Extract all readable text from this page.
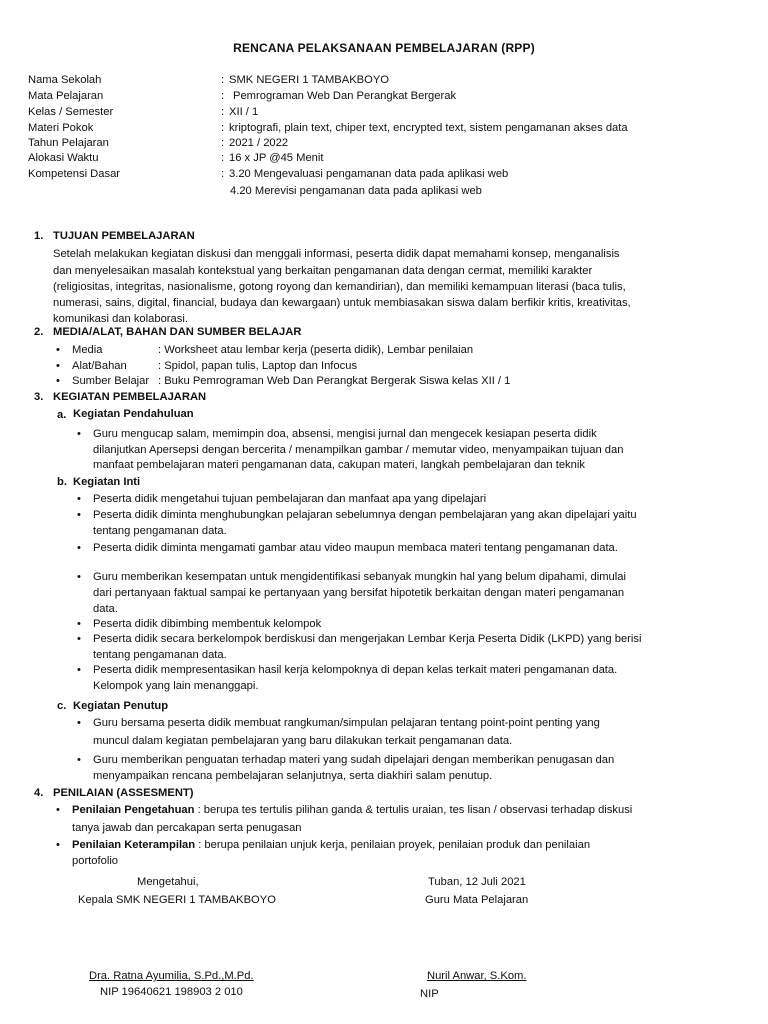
RENCANA PELAKSANAAN PEMBELAJARAN (RPP)
Nama Sekolah	: SMK NEGERI 1 TAMBAKBOYO
Mata Pelajaran	: Pemrograman Web Dan Perangkat Bergerak
Kelas / Semester	: XII / 1
Materi Pokok	: kriptografi, plain text, chiper text, encrypted text, sistem pengamanan akses data
Tahun Pelajaran	: 2021 / 2022
Alokasi Waktu	: 16 x JP @45 Menit
Kompetensi Dasar	: 3.20 Mengevaluasi pengamanan data pada aplikasi web
4.20 Merevisi pengamanan data pada aplikasi web
1. TUJUAN PEMBELAJARAN
Setelah melakukan kegiatan diskusi dan menggali informasi, peserta didik dapat memahami konsep, menganalisis
dan menyelesaikan masalah kontekstual yang berkaitan pengamanan data dengan cermat, memiliki karakter
(religiositas, integritas, nasionalisme, gotong royong dan kemandirian), dan memiliki kemampuan literasi (baca tulis,
numerasi, sains, digital, financial, budaya dan kewargaan) untuk membiasakan siswa dalam berfikir kritis, kreativitas,
komunikasi dan kolaborasi.
2. MEDIA/ALAT, BAHAN DAN SUMBER BELAJAR
• Media	: Worksheet atau lembar kerja (peserta didik), Lembar penilaian
• Alat/Bahan	: Spidol, papan tulis, Laptop dan Infocus
• Sumber Belajar : Buku Pemrograman Web Dan Perangkat Bergerak Siswa kelas XII / 1
3. KEGIATAN PEMBELAJARAN
a. Kegiatan Pendahuluan
• Guru mengucap salam, memimpin doa, absensi, mengisi jurnal dan mengecek kesiapan peserta didik
dilanjutkan Apersepsi dengan bercerita / menampilkan gambar / memutar video, menyampaikan tujuan dan
manfaat pembelajaran materi pengamanan data, cakupan materi, langkah pembelajaran dan teknik
b. Kegiatan Inti
• Peserta didik mengetahui tujuan pembelajaran dan manfaat apa yang dipelajari
• Peserta didik diminta menghubungkan pelajaran sebelumnya dengan pembelajaran yang akan dipelajari yaitu
tentang pengamanan data.
• Peserta didik diminta mengamati gambar atau video maupun membaca materi tentang pengamanan data.
• Guru memberikan kesempatan untuk mengidentifikasi sebanyak mungkin hal yang belum dipahami, dimulai
dari pertanyaan faktual sampai ke pertanyaan yang bersifat hipotetik berkaitan dengan materi pengamanan
data.
• Peserta didik dibimbing membentuk kelompok
• Peserta didik secara berkelompok berdiskusi dan mengerjakan Lembar Kerja Peserta Didik (LKPD) yang berisi
tentang pengamanan data.
• Peserta didik mempresentasikan hasil kerja kelompoknya di depan kelas terkait materi pengamanan data.
Kelompok yang lain menanggapi.
c. Kegiatan Penutup
• Guru bersama peserta didik membuat rangkuman/simpulan pelajaran tentang point-point penting yang
muncul dalam kegiatan pembelajaran yang baru dilakukan terkait pengamanan data.
• Guru memberikan penguatan terhadap materi yang sudah dipelajari dengan memberikan penugasan dan
menyampaikan rencana pembelajaran selanjutnya, serta diakhiri salam penutup.
4. PENILAIAN (ASSESMENT)
• Penilaian Pengetahuan : berupa tes tertulis pilihan ganda & tertulis uraian, tes lisan / observasi terhadap diskusi
tanya jawab dan percakapan serta penugasan
• Penilaian Keterampilan : berupa penilaian unjuk kerja, penilaian proyek, penilaian produk dan penilaian
portofolio
Mengetahui,
Kepala SMK NEGERI 1 TAMBAKBOYO
Dra. Ratna Ayumilia, S.Pd.,M.Pd.
NIP 19640621 198903 2 010
Tuban, 12 Juli 2021
Guru Mata Pelajaran
Nuril Anwar, S.Kom.
NIP
